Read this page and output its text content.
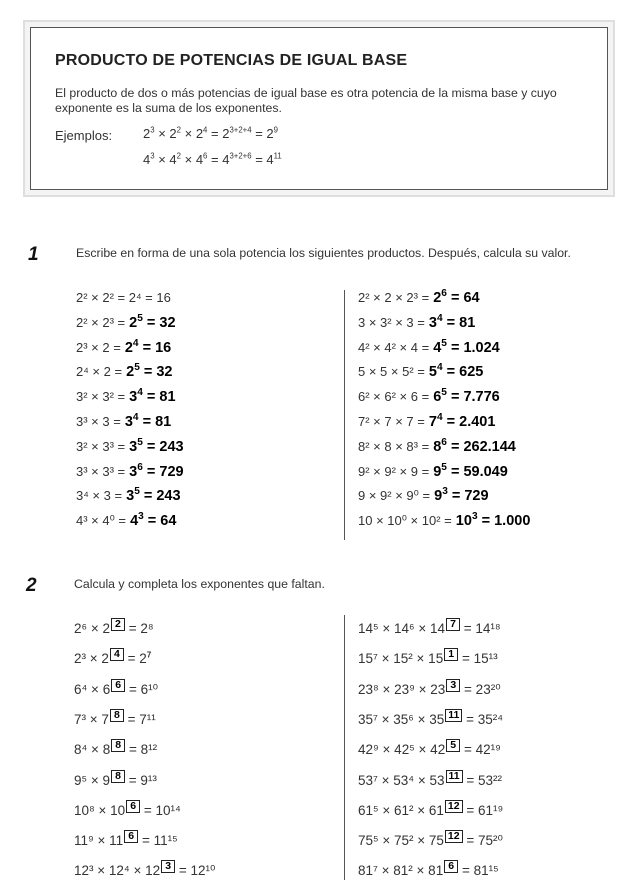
PRODUCTO DE POTENCIAS DE IGUAL BASE
El producto de dos o más potencias de igual base es otra potencia de la misma base y cuyo exponente es la suma de los exponentes.
Ejemplos: $2^3 \times 2^2 \times 2^4 = 2^{3+2+4} = 2^9$
$4^3 \times 4^2 \times 4^6 = 4^{3+2+6} = 4^{11}$
1	Escribe en forma de una sola potencia los siguientes productos. Después, calcula su valor.
2² × 2² = 2⁴ = 16
$2^2 \times 2^3 = 2^5 = 32$
$2^3 \times 2 = 2^4 = 16$
$2^4 \times 2 = 2^5 = 32$
$3^2 \times 3^2 = 3^4 = 81$
$3^3 \times 3 = 3^4 = 81$
$3^2 \times 3^3 = 3^5 = 243$
$3^3 \times 3^3 = 3^6 = 729$
$3^4 \times 3 = 3^5 = 243$
$4^3 \times 4^0 = 4^3 = 64$
$2^2 \times 2 \times 2^3 = 2^6 = 64$
$3 \times 3^2 \times 3 = 3^4 = 81$
$4^2 \times 4^2 \times 4 = 4^5 = 1.024$
$5 \times 5 \times 5^2 = 5^4 = 625$
$6^2 \times 6^2 \times 6 = 6^5 = 7.776$
$7^2 \times 7 \times 7 = 7^4 = 2.401$
$8^2 \times 8 \times 8^3 = 8^6 = 262.144$
$9^2 \times 9^2 \times 9 = 9^5 = 59.049$
$9 \times 9^2 \times 9^0 = 9^3 = 729$
$10 \times 10^0 \times 10^2 = 10^3 = 1.000$
2	Calcula y completa los exponentes que faltan.
2⁶ × 2 2 = 2⁸
2³ × 2 $4 = 2^7$
6⁴ × 6 6 = 6¹⁰
7³ × 7 8 = 7¹¹
8⁴ × 8 8 = 8¹²
9⁵ × 9 8 = 9¹³
10⁸ × 10 6 = 10¹⁴
11⁹ × 11 6 = 11¹⁵
12³ × 12⁴ × 12 3 = 12¹⁰
14⁵ × 14⁶ × 14 7 = 14¹⁸
15⁷ × 15² × 15 1 = 15¹³
23⁸ × 23⁹ × 23 3 = 23²⁰
35⁷ × 35⁶ × 35 11 = 35²⁴
42⁹ × 42⁵ × 42 5 = 42¹⁹
53⁷ × 53⁴ × 53 11 = 53²²
61⁵ × 61² × 61 12 = 61¹⁹
75⁵ × 75² × 75 12 = 75²⁰
81⁷ × 81² × 81 6 = 81¹⁵
